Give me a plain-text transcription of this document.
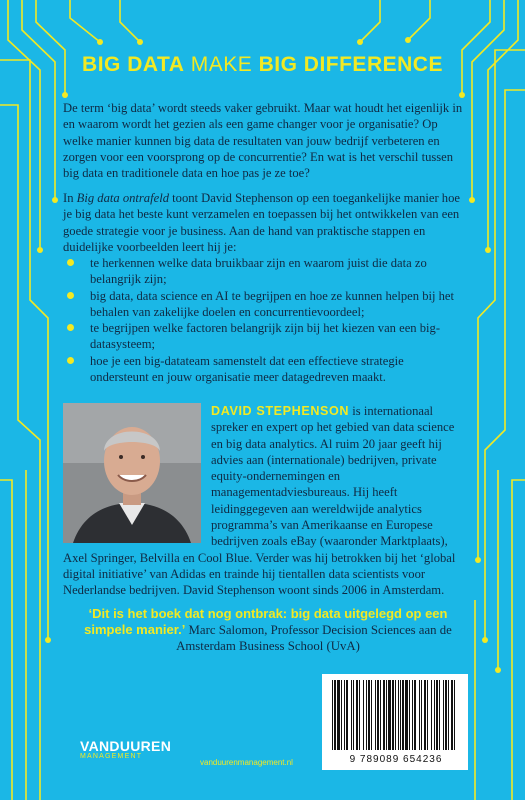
BIG DATA MAKE BIG DIFFERENCE
De term ‘big data’ wordt steeds vaker gebruikt. Maar wat houdt het eigenlijk in en waarom wordt het gezien als een game changer voor je organisatie? Op welke manier kunnen big data de resultaten van jouw bedrijf verbeteren en zorgen voor een voorsprong op de concurrentie? En wat is het verschil tussen big data en traditionele data en hoe pas je ze toe?
In Big data ontrafeld toont David Stephenson op een toegankelijke manier hoe je big data het beste kunt verzamelen en toepassen bij het ontwikkelen van een goede strategie voor je business. Aan de hand van praktische stappen en duidelijke voorbeelden leert hij je:
te herkennen welke data bruikbaar zijn en waarom juist die data zo belangrijk zijn;
big data, data science en AI te begrijpen en hoe ze kunnen helpen bij het behalen van zakelijke doelen en concurrentievoordeel;
te begrijpen welke factoren belangrijk zijn bij het kiezen van een big-datasysteem;
hoe je een big-datateam samenstelt dat een effectieve strategie ondersteunt en jouw organisatie meer datagedreven maakt.
DAVID STEPHENSON is internationaal spreker en expert op het gebied van data science en big data analytics. Al ruim 20 jaar geeft hij advies aan (internationale) bedrijven, private equity-ondernemingen en managementadviesbureaus. Hij heeft leidinggegeven aan wereldwijde analytics programma’s van Amerikaanse en Europese bedrijven zoals eBay (waaronder Marktplaats), Axel Springer, Belvilla en Cool Blue. Verder was hij betrokken bij het ‘global digital initiative’ van Adidas en trainde hij tientallen data scientists voor Nederlandse bedrijven. David Stephenson woont sinds 2006 in Amsterdam.
‘Dit is het boek dat nog ontbrak: big data uitgelegd op een simpele manier.’ Marc Salomon, Professor Decision Sciences aan de Amsterdam Business School (UvA)
9 789089 654236
VANDUUREN
MANAGEMENT
vanduurenmanagement.nl
